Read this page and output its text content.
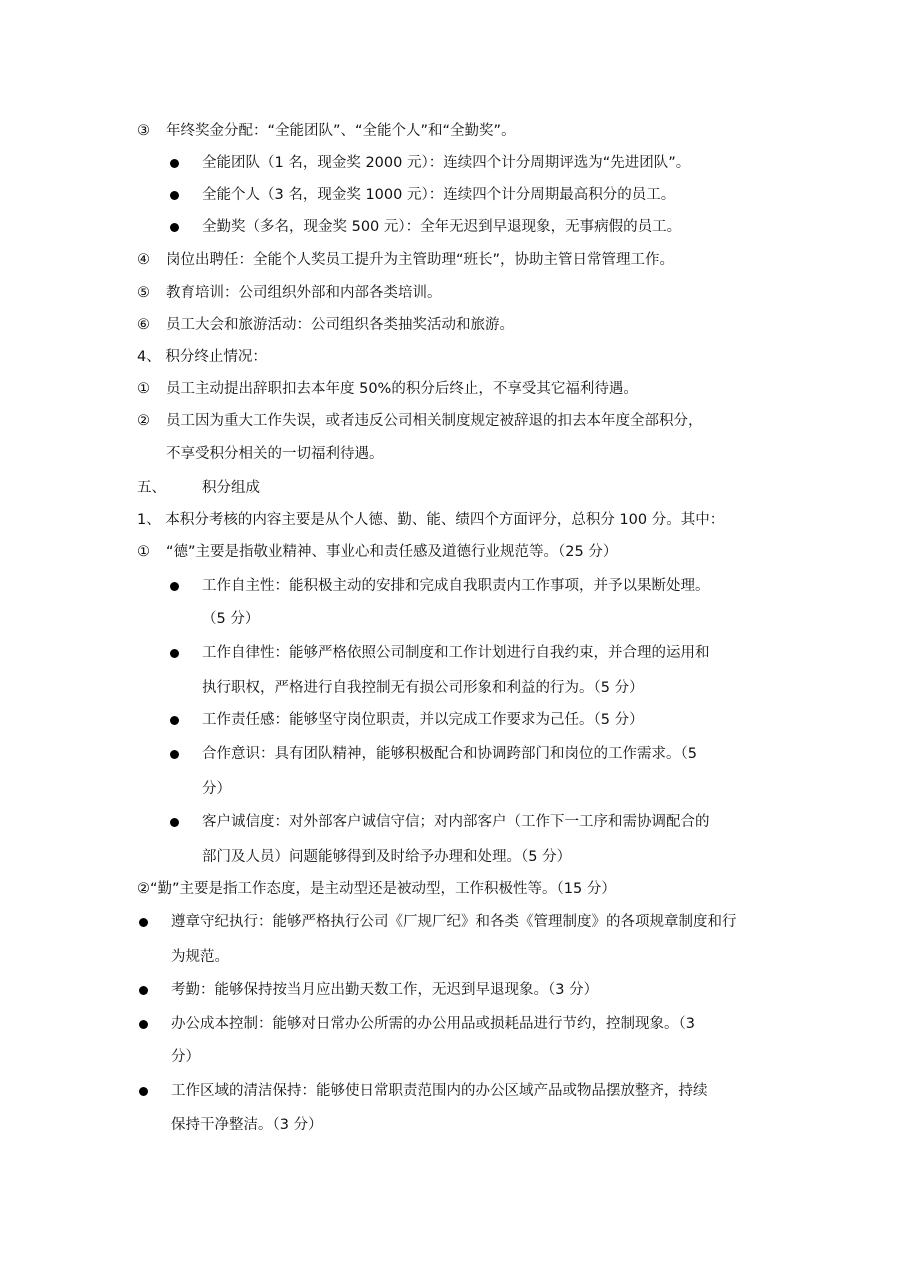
③ 年终奖金分配：“全能团队”、“全能个人”和“全勤奖”。
全能团队（1 名，现金奖 2000 元）：连续四个计分周期评选为“先进团队”。
全能个人（3 名，现金奖 1000 元）：连续四个计分周期最高积分的员工。
全勤奖（多名，现金奖 500 元）：全年无迟到早退现象，无事病假的员工。
④ 岗位出聘任：全能个人奖员工提升为主管助理“班长”，协助主管日常管理工作。
⑤ 教育培训：公司组织外部和内部各类培训。
⑥ 员工大会和旅游活动：公司组织各类抽奖活动和旅游。
4、 积分终止情况：
① 员工主动提出辞职扣去本年度 50%的积分后终止，不享受其它福利待遇。
② 员工因为重大工作失误，或者违反公司相关制度规定被辞退的扣去本年度全部积分，
不享受积分相关的一切福利待遇。
五、 积分组成
1、 本积分考核的内容主要是从个人德、勤、能、绩四个方面评分，总积分 100 分。其中：
① “德”主要是指敬业精神、事业心和责任感及道德行业规范等。（25 分）
工作自主性：能积极主动的安排和完成自我职责内工作事项，并予以果断处理。
（5 分）
工作自律性：能够严格依照公司制度和工作计划进行自我约束，并合理的运用和
执行职权，严格进行自我控制无有损公司形象和利益的行为。（5 分）
工作责任感：能够坚守岗位职责，并以完成工作要求为己任。（5 分）
合作意识：具有团队精神，能够积极配合和协调跨部门和岗位的工作需求。（5
分）
客户诚信度：对外部客户诚信守信；对内部客户（工作下一工序和需协调配合的
部门及人员）问题能够得到及时给予办理和处理。（5 分）
②“勤”主要是指工作态度，是主动型还是被动型，工作积极性等。（15 分）
遵章守纪执行：能够严格执行公司《厂规厂纪》和各类《管理制度》的各项规章制度和行
为规范。
考勤：能够保持按当月应出勤天数工作，无迟到早退现象。（3 分）
办公成本控制：能够对日常办公所需的办公用品或损耗品进行节约，控制现象。（3
分）
工作区域的清洁保持：能够使日常职责范围内的办公区域产品或物品摆放整齐，持续
保持干净整洁。（3 分）
